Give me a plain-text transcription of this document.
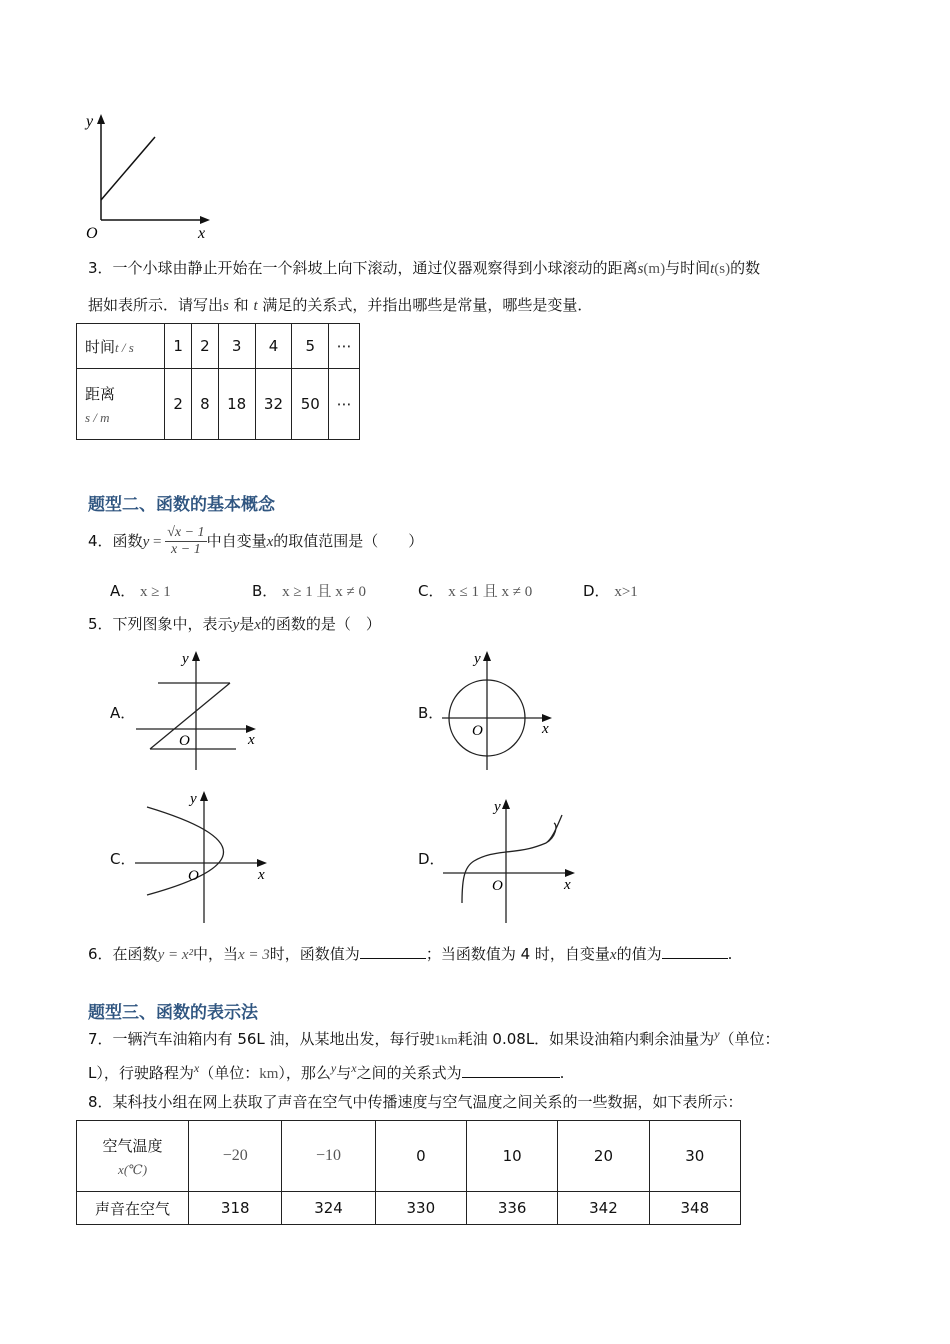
y
x
O
3．一个小球由静止开始在一个斜坡上向下滚动，通过仪器观察得到小球滚动的距离s(m)与时间t(s)的数
据如表所示．请写出s 和 t 满足的关系式，并指出哪些是常量，哪些是变量．
时间t / s	1	2	3	4	5	⋯

距离
s / m	2	8	18	32	50	⋯
题型二、函数的基本概念
4．函数$y = \frac{√x - 1}{x - 1}$ 中自变量x的取值范围是（　　）
A． x ≥ 1	B． x ≥ 1 且 x ≠ 0	C． x ≤ 1 且 x ≠ 0	D． x>1
5．下列图象中，表示y是x的函数的是（　）
A．
y
x
O
B．
y
x
O
C．
y
x
O
D．
y
x
O
6．在函数y = x²中，当x = 3时，函数值为	；当函数值为 4 时，自变量x的值为	.
题型三、函数的表示法
7．一辆汽车油箱内有 56L 油，从某地出发，每行驶1km耗油 0.08L．如果设油箱内剩余油量为$^y$（单位：
L），行驶路程为$^x$（单位：km），那么$^y$与$^x$之间的关系式为	.
8．某科技小组在网上获取了声音在空气中传播速度与空气温度之间关系的一些数据，如下表所示：
空气温度
x(℃)	−20	−10	0	10	20	30
声音在空气	318	324	330	336	342	348
